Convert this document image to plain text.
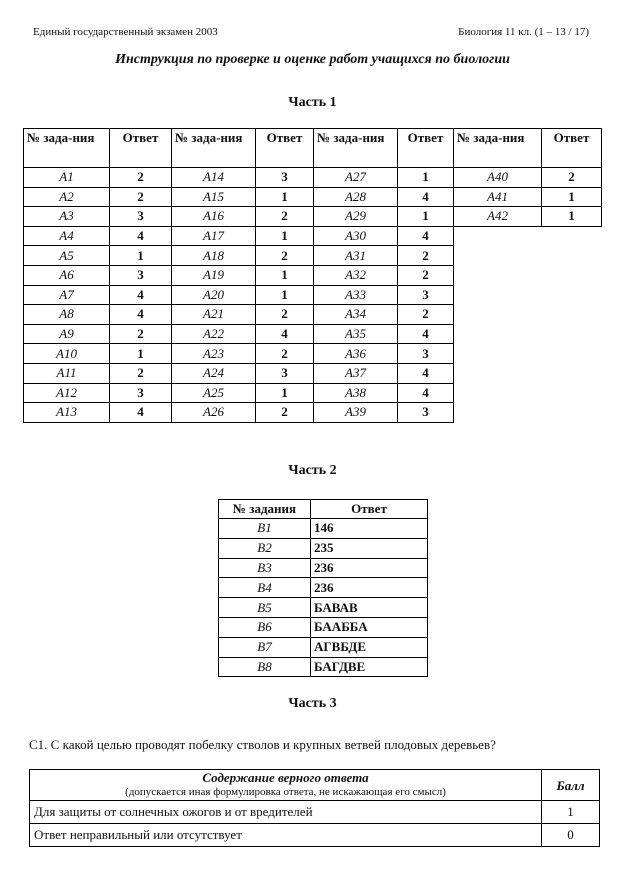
Единый государственный экзамен 2003	Биология 11 кл. (1 – 13 / 17)
Инструкция по проверке и оценке работ учащихся по биологии
Часть 1
№ зада-ния	Ответ	№ зада-ния	Ответ	№ зада-ния	Ответ	№ зада-ния	Ответ
A1	2	A14	3	A27	1	A40	2
A2	2	A15	1	A28	4	A41	1
A3	3	A16	2	A29	1	A42	1
A4	4	A17	1	A30	4		
A5	1	A18	2	A31	2		
A6	3	A19	1	A32	2		
A7	4	A20	1	A33	3		
A8	4	A21	2	A34	2		
A9	2	A22	4	A35	4		
A10	1	A23	2	A36	3		
A11	2	A24	3	A37	4		
A12	3	A25	1	A38	4		
A13	4	A26	2	A39	3		
Часть 2
№ задания	Ответ
B1	146
B2	235
B3	236
B4	236
B5	БАВАВ
B6	БААББА
B7	АГВБДЕ
B8	БАГДВЕ
Часть 3
С1. С какой целью проводят побелку стволов и крупных ветвей плодовых деревьев?
Содержание верного ответа
(допускается иная формулировка ответа, не искажающая его смысл)	Балл
Для защиты от солнечных ожогов и от вредителей	1
Ответ неправильный или отсутствует	0
